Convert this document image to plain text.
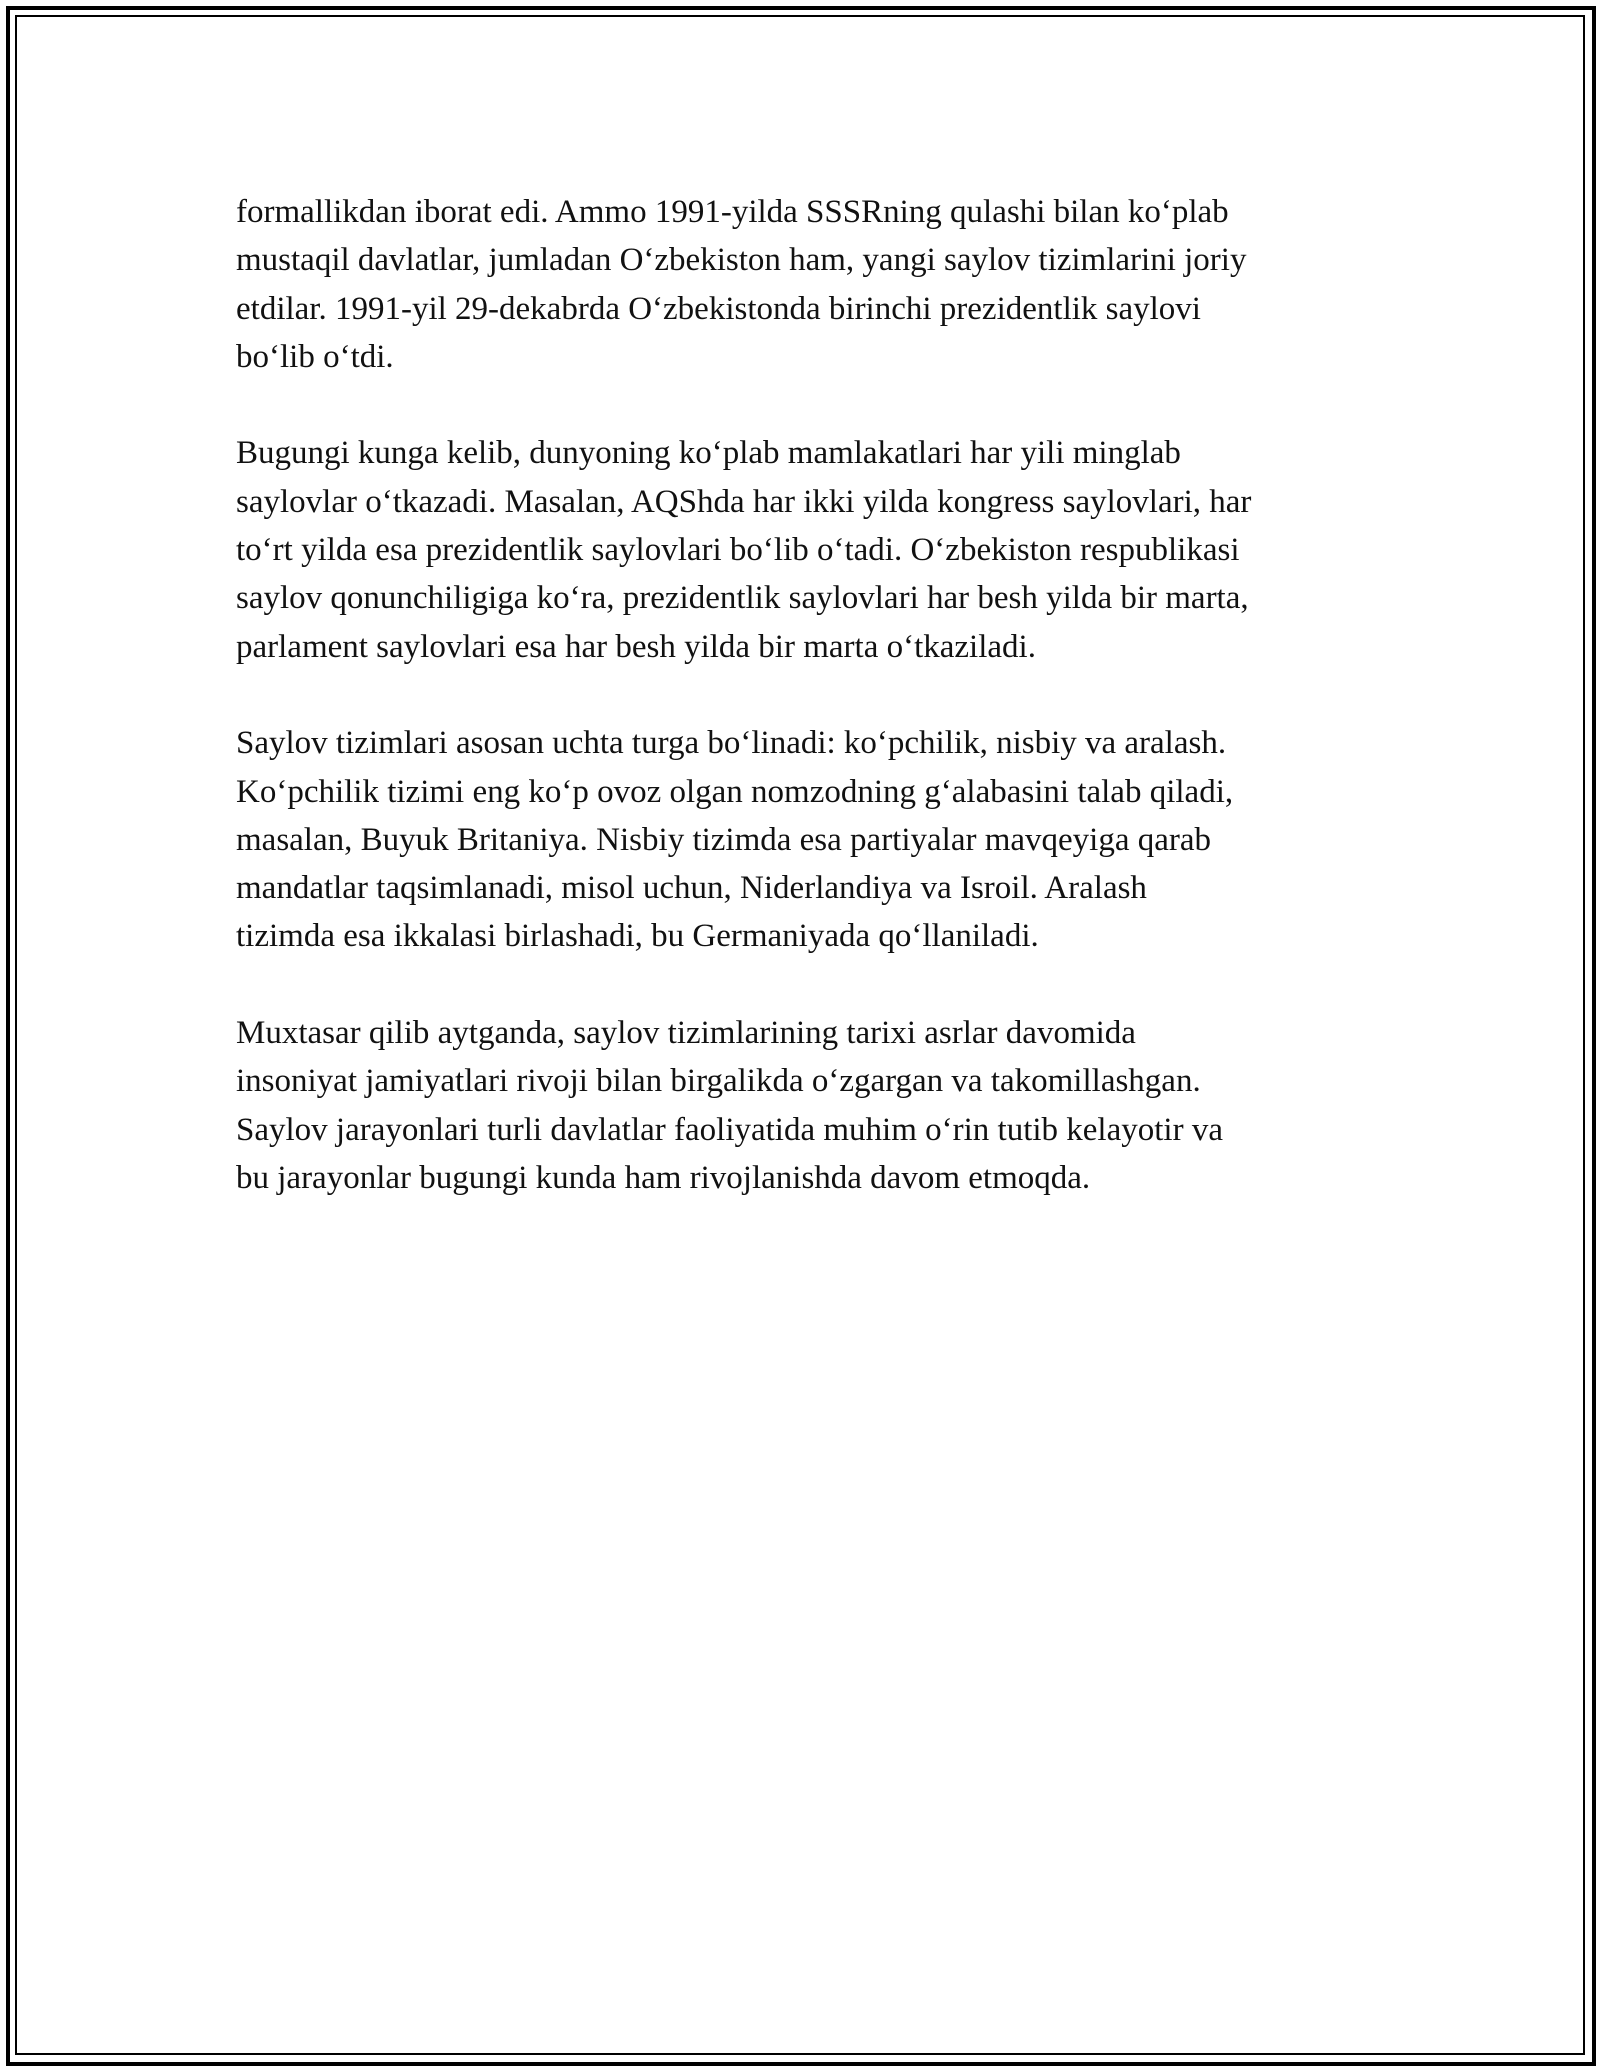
formallikdan iborat edi. Ammo 1991-yilda SSSRning qulashi bilan ko‘plab
mustaqil davlatlar, jumladan O‘zbekiston ham, yangi saylov tizimlarini joriy
etdilar. 1991-yil 29-dekabrda O‘zbekistonda birinchi prezidentlik saylovi
bo‘lib o‘tdi.

Bugungi kunga kelib, dunyoning ko‘plab mamlakatlari har yili minglab
saylovlar o‘tkazadi. Masalan, AQShda har ikki yilda kongress saylovlari, har
to‘rt yilda esa prezidentlik saylovlari bo‘lib o‘tadi. O‘zbekiston respublikasi
saylov qonunchiligiga ko‘ra, prezidentlik saylovlari har besh yilda bir marta,
parlament saylovlari esa har besh yilda bir marta o‘tkaziladi.

Saylov tizimlari asosan uchta turga bo‘linadi: ko‘pchilik, nisbiy va aralash.
Ko‘pchilik tizimi eng ko‘p ovoz olgan nomzodning g‘alabasini talab qiladi,
masalan, Buyuk Britaniya. Nisbiy tizimda esa partiyalar mavqeyiga qarab
mandatlar taqsimlanadi, misol uchun, Niderlandiya va Isroil. Aralash
tizimda esa ikkalasi birlashadi, bu Germaniyada qo‘llaniladi.

Muxtasar qilib aytganda, saylov tizimlarining tarixi asrlar davomida
insoniyat jamiyatlari rivoji bilan birgalikda o‘zgargan va takomillashgan.
Saylov jarayonlari turli davlatlar faoliyatida muhim o‘rin tutib kelayotir va
bu jarayonlar bugungi kunda ham rivojlanishda davom etmoqda.
